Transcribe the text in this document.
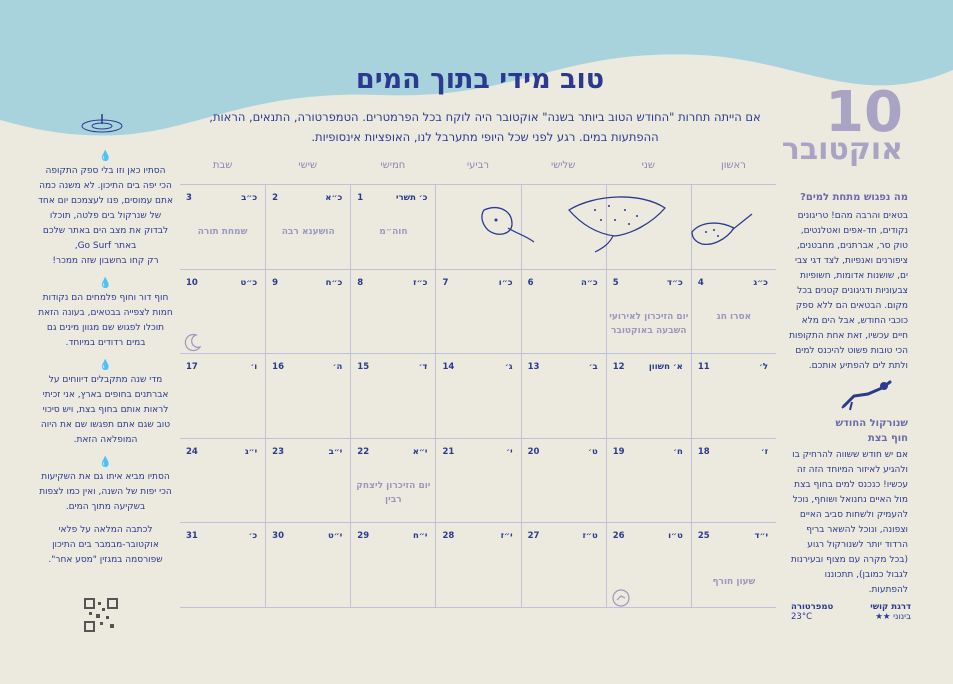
טוב מידי בתוך המים
אם הייתה תחרות "החודש הטוב ביותר בשנה" אוקטובר היה לוקח בכל הפרמטרים. הטמפרטורה, התנאים, הראות, ההפתעות במים. רגע לפני שכל היופי מתערבל לנו, האופציות אינסופיות.	10
אוקטובר
מה נפגוש מתחת למים?
בטאים והרבה מהם! טריגונים נקודים, חד-אפים ואטלנטים, טוק סר, אברתנים, מחבטנים, ציפורנים ואנפיות, לצד דגי צבי ים, שושנות אדומות, חשופיות צבעוניות ודגיגונים קטנים בכל מקום. הבטאים הם ללא ספק כוכבי החודש, אבל הים מלא חיים עכשיו, זאת אחת התקופות הכי טובות פשוט להיכנס למים ולתת לים להפתיע אותכם.
שנורקול החודש
חוף בצת
אם יש חודש ששווה להרחיק בו ולהגיע לאיזור המיוחד הזה זה עכשיו! כנכנס למים בחוף בצת מול האיים נחנואל ושוחף, נוכל להעמיק ולשחות סביב האיים וצפונה, ונוכל להשאר בריף הרדוד יותר לשנורקול רגוע (בכל מקרה עם מצוף ובעירנות לגבול כמובן), תתכוננו להפתעות.
דרגת קושי
טמפרטורה
בינוני ★★
23°C
💧
הסתיו כאן וזו בלי ספק התקופה הכי יפה בים התיכון. לא משנה כמה אתם עמוסים, פנו לעצמכם יום אחד של שנרקול בים פלטה, תוכלו לבדוק את מצב הים באתר שלכם באתר Go Surf,
רק קחו בחשבון שזה ממכר!
💧
חוף דור וחוף פלמחים הם נקודות חמות לצפייה בבטאים, בעונה הזאת תוכלו לפגוש שם מגוון מינים גם במים רדודים במיוחד.
💧
מדי שנה מתקבלים דיווחים על אברתנים בחופים בארץ, אני זכיתי לראות אותם בחוף בצת, ויש סיכוי טוב שגם אתם תפגשו שם את היוה המופלאה הזאת.
💧
הסתיו מביא איתו גם את השקיעות הכי יפות של השנה, ואין כמו לצפות בשקיעה מתוך המים.
לכתבה המלאה על פלאי אוקטובר-מבמבר בים התיכון שפורסמה במגזין "מסע אחר".
ראשון
שני
שלישי
רביעי
חמישי
שישי
שבת
כ׳ תשרי
1
חוה״מ
כ״א
2
הושענא רבה
כ״ב
3
שמחת תורה
כ״ג
4
אסרו חג
כ״ד
5
יום הזיכרון לאירועי השבעה באוקטובר
כ״ה
6
כ״ו
7
כ״ז
8
כ״ח
9
כ״ט
10
ל׳
11
א׳ חשוון
12
ב׳
13
ג׳
14
ד׳
15
ה׳
16
ו׳
17
ז׳
18
ח׳
19
ט׳
20
י׳
21
י״א
22
יום הזיכרון ליצחק רבין
י״ב
23
י״ג
24
י״ד
25
שעון חורף
ט״ו
26
ט״ז
27
י״ז
28
י״ח
29
י״ט
30
כ׳
31
